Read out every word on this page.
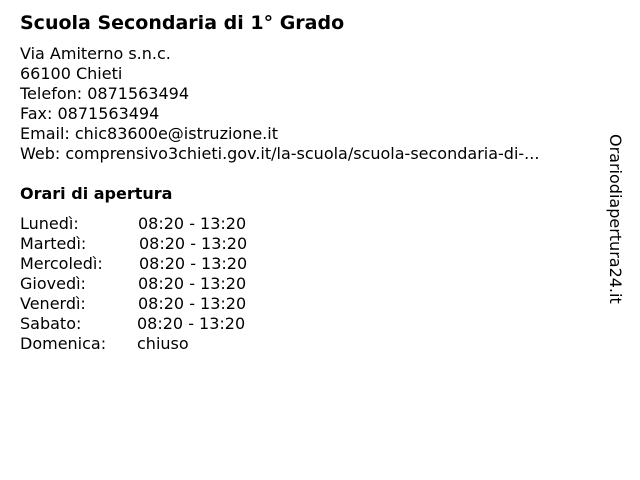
Scuola Secondaria di 1° Grado
Via Amiterno s.n.c.
66100 Chieti
Telefon: 0871563494
Fax: 0871563494
Email: chic83600e@istruzione.it
Web: comprensivo3chieti.gov.it/la-scuola/scuola-secondaria-di-...
Orari di apertura
Lunedì:	08:20 - 13:20
Martedì:	08:20 - 13:20
Mercoledì: 08:20 - 13:20
Giovedì:	08:20 - 13:20
Venerdì:	08:20 - 13:20
Sabato:	08:20 - 13:20
Domenica: chiuso
Orariodiapertura24.it
